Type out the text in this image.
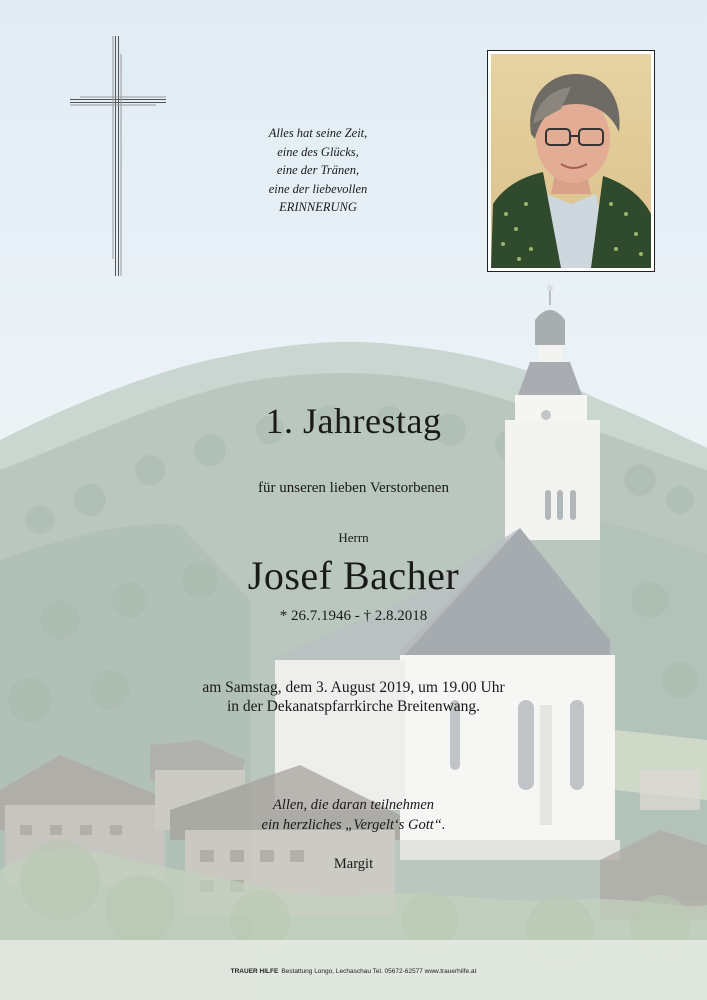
Alles hat seine Zeit,
eine des Glücks,
eine der Tränen,
eine der liebevollen
ERINNERUNG
1. Jahrestag
für unseren lieben Verstorbenen
Herrn
Josef Bacher
* 26.7.1946 - † 2.8.2018
am Samstag, dem 3. August 2019, um 19.00 Uhr
in der Dekanatspfarrkirche Breitenwang.
Allen, die daran teilnehmen
ein herzliches „Vergelt‘s Gott“.
Margit
TRAUER HILFE Bestattung Longo, Lechaschau Tel. 05672-62577 www.trauerhilfe.at
